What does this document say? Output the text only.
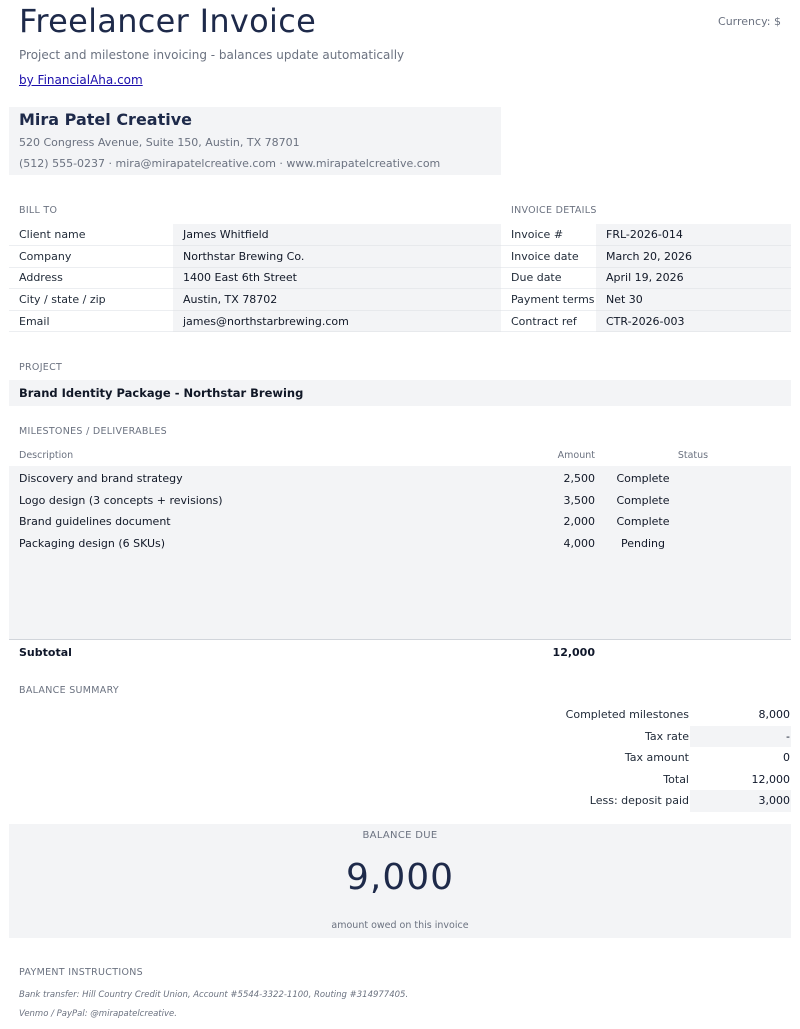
Freelancer Invoice	Currency: $
Project and milestone invoicing - balances update automatically
by FinancialAha.com
Mira Patel Creative
520 Congress Avenue, Suite 150, Austin, TX 78701
(512) 555-0237 · mira@mirapatelcreative.com · www.mirapatelcreative.com
BILL TO
Client name	James Whitfield
Company	Northstar Brewing Co.
Address	1400 East 6th Street
City / state / zip	Austin, TX 78702
Email	james@northstarbrewing.com
INVOICE DETAILS
Invoice #	FRL-2026-014
Invoice date	March 20, 2026
Due date	April 19, 2026
Payment terms	Net 30
Contract ref	CTR-2026-003
PROJECT
Brand Identity Package - Northstar Brewing
MILESTONES / DELIVERABLES
Description	Amount	Status
Discovery and brand strategy	2,500	Complete
Logo design (3 concepts + revisions)	3,500	Complete
Brand guidelines document	2,000	Complete
Packaging design (6 SKUs)	4,000	Pending
Subtotal	12,000
BALANCE SUMMARY
Completed milestones	8,000
Tax rate	-
Tax amount	0
Total	12,000
Less: deposit paid	3,000
BALANCE DUE
9,000
amount owed on this invoice
PAYMENT INSTRUCTIONS
Bank transfer: Hill Country Credit Union, Account #5544-3322-1100, Routing #314977405.
Venmo / PayPal: @mirapatelcreative.
